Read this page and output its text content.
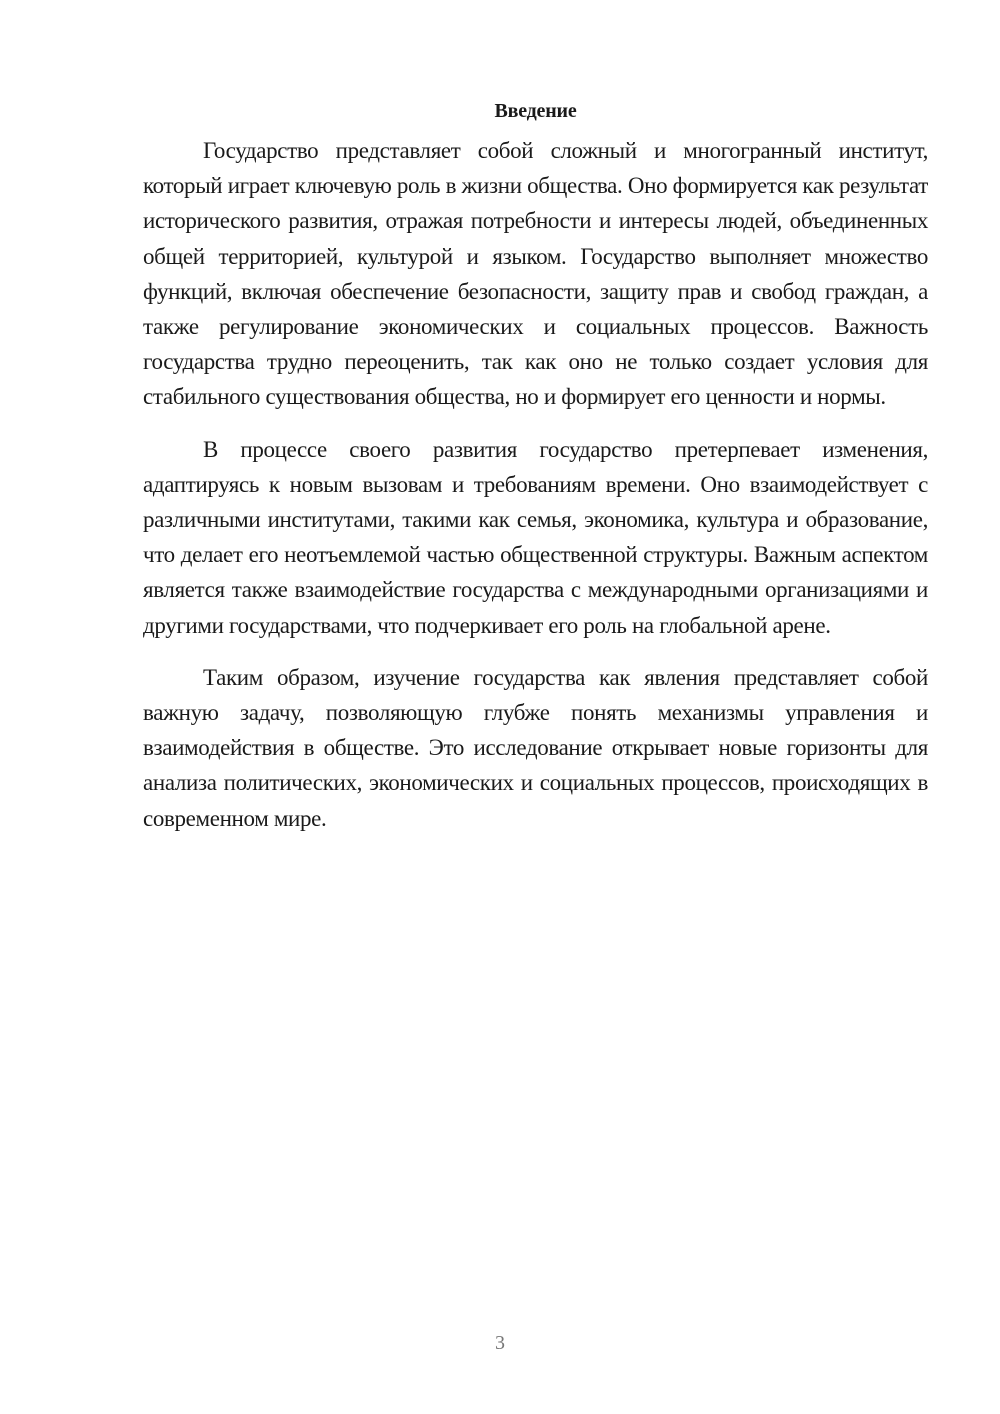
Введение

Государство представляет собой сложный и многогранный институт, который играет ключевую роль в жизни общества. Оно формируется как результат исторического развития, отражая потребности и интересы людей, объединенных общей территорией, культурой и языком. Государство выполняет множество функций, включая обеспечение безопасности, защиту прав и свобод граждан, а также регулирование экономических и социальных процессов. Важность государства трудно переоценить, так как оно не только создает условия для стабильного существования общества, но и формирует его ценности и нормы.

В процессе своего развития государство претерпевает изменения, адаптируясь к новым вызовам и требованиям времени. Оно взаимодействует с различными институтами, такими как семья, экономика, культура и образование, что делает его неотъемлемой частью общественной структуры. Важным аспектом является также взаимодействие государства с международными организациями и другими государствами, что подчеркивает его роль на глобальной арене.

Таким образом, изучение государства как явления представляет собой важную задачу, позволяющую глубже понять механизмы управления и взаимодействия в обществе. Это исследование открывает новые горизонты для анализа политических, экономических и социальных процессов, происходящих в современном мире.

3
